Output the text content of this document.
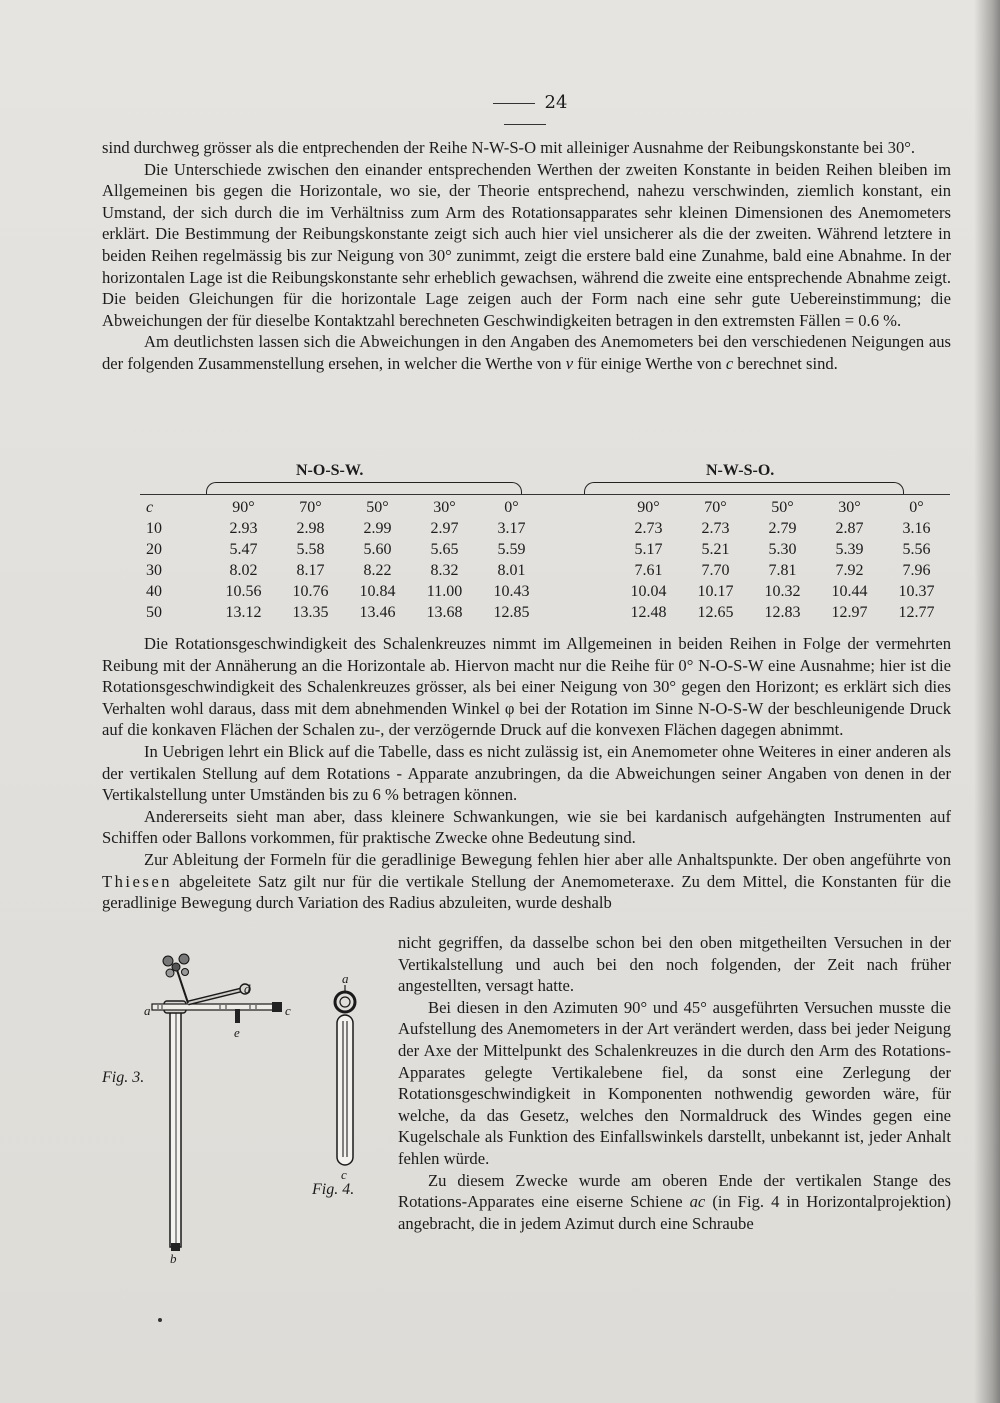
24

sind durchweg grösser als die entprechenden der Reihe N-W-S-O mit alleiniger Ausnahme der Reibungskonstante bei 30°.

Die Unterschiede zwischen den einander entsprechenden Werthen der zweiten Konstante in beiden Reihen bleiben im Allgemeinen bis gegen die Horizontale, wo sie, der Theorie entsprechend, nahezu verschwinden, ziemlich konstant, ein Umstand, der sich durch die im Verhältniss zum Arm des Rotationsapparates sehr kleinen Dimensionen des Anemometers erklärt. Die Bestimmung der Reibungskonstante zeigt sich auch hier viel unsicherer als die der zweiten. Während letztere in beiden Reihen regelmässig bis zur Neigung von 30° zunimmt, zeigt die erstere bald eine Zunahme, bald eine Abnahme. In der horizontalen Lage ist die Reibungskonstante sehr erheblich gewachsen, während die zweite eine entsprechende Abnahme zeigt. Die beiden Gleichungen für die horizontale Lage zeigen auch der Form nach eine sehr gute Uebereinstimmung; die Abweichungen der für dieselbe Kontaktzahl berechneten Geschwindigkeiten betragen in den extremsten Fällen = 0.6 %.

Am deutlichsten lassen sich die Abweichungen in den Angaben des Anemometers bei den verschiedenen Neigungen aus der folgenden Zusammenstellung ersehen, in welcher die Werthe von v für einige Werthe von c berechnet sind.

N-O-S-W.	N-W-S-O.
c	90°	70°	50°	30°	0°		90°	70°	50°	30°	0°
10	2.93	2.98	2.99	2.97	3.17		2.73	2.73	2.79	2.87	3.16
20	5.47	5.58	5.60	5.65	5.59		5.17	5.21	5.30	5.39	5.56
30	8.02	8.17	8.22	8.32	8.01		7.61	7.70	7.81	7.92	7.96
40	10.56	10.76	10.84	11.00	10.43		10.04	10.17	10.32	10.44	10.37
50	13.12	13.35	13.46	13.68	12.85		12.48	12.65	12.83	12.97	12.77

Die Rotationsgeschwindigkeit des Schalenkreuzes nimmt im Allgemeinen in beiden Reihen in Folge der vermehrten Reibung mit der Annäherung an die Horizontale ab. Hiervon macht nur die Reihe für 0° N-O-S-W eine Ausnahme; hier ist die Rotationsgeschwindigkeit des Schalenkreuzes grösser, als bei einer Neigung von 30° gegen den Horizont; es erklärt sich dies Verhalten wohl daraus, dass mit dem abnehmenden Winkel φ bei der Rotation im Sinne N-O-S-W der beschleunigende Druck auf die konkaven Flächen der Schalen zu-, der verzögernde Druck auf die konvexen Flächen dagegen abnimmt.

In Uebrigen lehrt ein Blick auf die Tabelle, dass es nicht zulässig ist, ein Anemometer ohne Weiteres in einer anderen als der vertikalen Stellung auf dem Rotations - Apparate anzubringen, da die Abweichungen seiner Angaben von denen in der Vertikalstellung unter Umständen bis zu 6 % betragen können.

Andererseits sieht man aber, dass kleinere Schwankungen, wie sie bei kardanisch aufgehängten Instrumenten auf Schiffen oder Ballons vorkommen, für praktische Zwecke ohne Bedeutung sind.

Zur Ableitung der Formeln für die geradlinige Bewegung fehlen hier aber alle Anhaltspunkte. Der oben angeführte von Thiesen abgeleitete Satz gilt nur für die vertikale Stellung der Anemometeraxe. Zu dem Mittel, die Konstanten für die geradlinige Bewegung durch Variation des Radius abzuleiten, wurde deshalb

nicht gegriffen, da dasselbe schon bei den oben mitgetheilten Versuchen in der Vertikalstellung und auch bei den noch folgenden, der Zeit nach früher angestellten, versagt hatte.

Bei diesen in den Azimuten 90° und 45° ausgeführten Versuchen musste die Aufstellung des Anemometers in der Art verändert werden, dass bei jeder Neigung der Axe der Mittelpunkt des Schalenkreuzes in die durch den Arm des Rotations-Apparates gelegte Vertikalebene fiel, da sonst eine Zerlegung der Rotationsgeschwindigkeit in Komponenten nothwendig geworden wäre, für welche, da das Gesetz, welches den Normaldruck des Windes gegen eine Kugelschale als Funktion des Einfallswinkels darstellt, unbekannt ist, jeder Anhalt fehlen würde.

Zu diesem Zwecke wurde am oberen Ende der vertikalen Stange des Rotations-Apparates eine eiserne Schiene ac (in Fig. 4 in Horizontalprojektion) angebracht, die in jedem Azimut durch eine Schraube

a	c
d
e
b
a
c
Fig. 3.
Fig. 4.
